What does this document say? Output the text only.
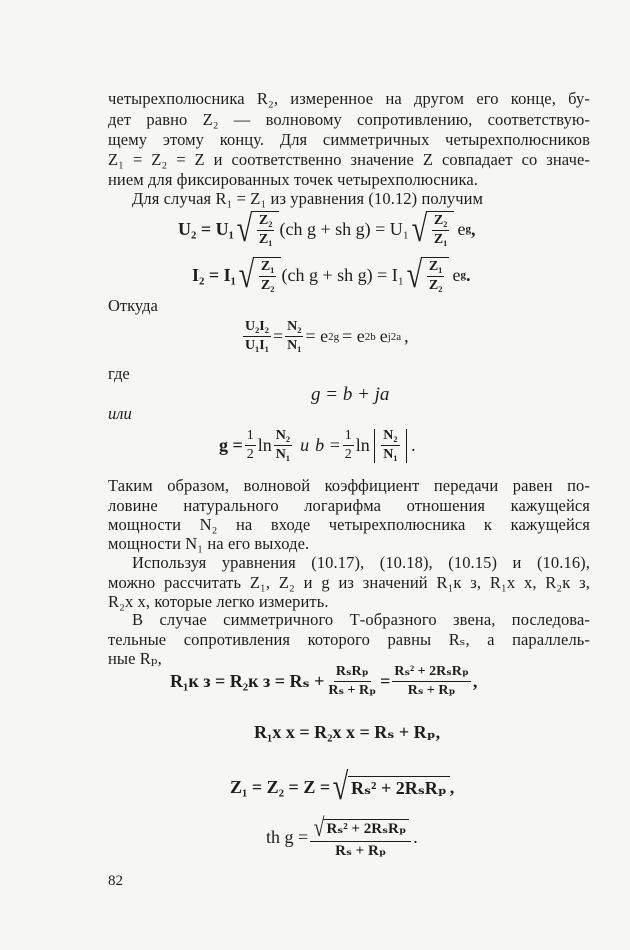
четырехполюсника R₂, измеренное на другом его конце, бу-
дет равно Z₂ — волновому сопротивлению, соответствую-
щему этому концу. Для симметричных четырехполюсников
Z₁ = Z₂ = Z и соответственно значение Z совпадает со значе-
нием для фиксированных точек четырехполюсника.
Для случая R₁ = Z₁ из уравнения (10.12) получим
U₂ = U₁ √ $\frac{\text{Z₂}}{\text{Z₁}} (ch$ g + sh g) = U₁ √ $\frac{\text{Z₂}}{\text{Z₁}}$ e g ,
I₂ = I₁ √ $\frac{\text{Z₁}}{\text{Z₂}} (ch$ g + sh g) = I₁ √ $\frac{\text{Z₁}}{\text{Z₂}}$ e g .
Откуда
$\frac{\text{U₂I₂}}{\text{U₁I₁}} = \frac{\text{N₂}}{\text{N₁}} = e$ 2g = e 2b e j2a ,
где
g = b + ja
или
$g = \frac{1}{2}$ $\ln \frac{\text{N₂}}{\text{N₁}}$ и $b = \frac{1}{2}$ $\ln \frac{\text{N₂}}{\text{N₁}}$ .
Таким образом, волновой коэффициент передачи равен по-
ловине натурального логарифма отношения кажущейся
мощности N₂ на входе четырехполюсника к кажущейся
мощности N₁ на его выходе.
Используя уравнения (10.17), (10.18), (10.15) и (10.16),
можно рассчитать Z₁, Z₂ и g из значений R₁к з, R₁х х, R₂к з,
R₂х х, которые легко измерить.
В случае симметричного Т-образного звена, последова-
тельные сопротивления которого равны Rₛ, а параллель-
ные Rₚ,
R₁к з = R₂к $з = R_s + \frac{\text{RₛRₚ}}{\text{Rₛ + Rₚ}} = \frac{\text{Rₛ² + 2RₛRₚ}}{\text{Rₛ + Rₚ}}$ ,
R₁х х = R₂х х = Rₛ + Rₚ,
Z₁ = Z₂ = Z = √ Rₛ² + 2RₛRₚ ,
th $g = \frac{\text{√ Rₛ² + 2RₛRₚ}}{\text{Rₛ + Rₚ}}$ .
82
